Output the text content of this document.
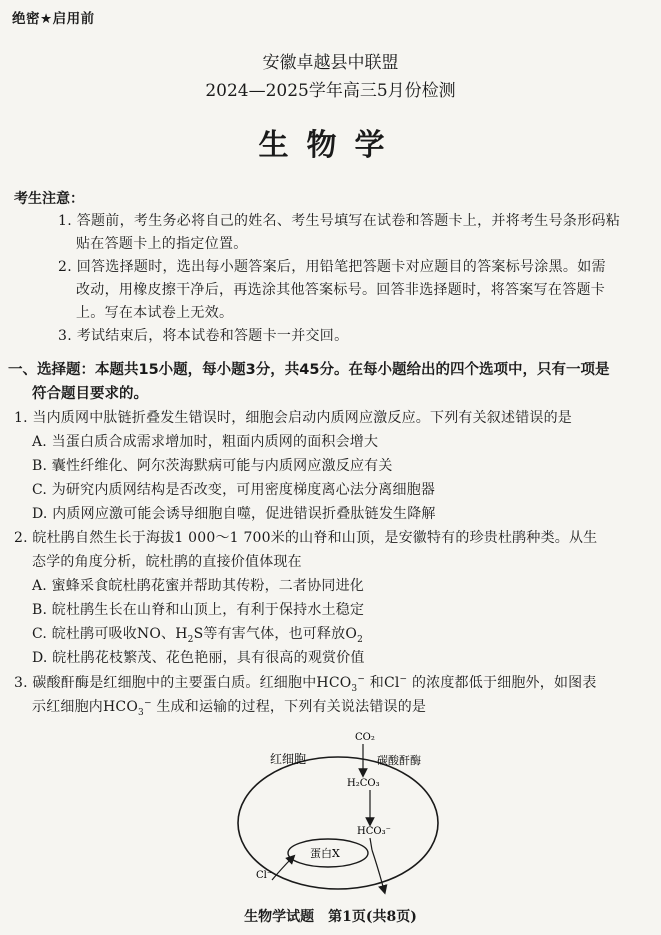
绝密★启用前
安徽卓越县中联盟
2024—2025学年高三5月份检测
生物学
考生注意：
1. 答题前，考生务必将自己的姓名、考生号填写在试卷和答题卡上，并将考生号条形码粘
贴在答题卡上的指定位置。
2. 回答选择题时，选出每小题答案后，用铅笔把答题卡对应题目的答案标号涂黑。如需
改动，用橡皮擦干净后，再选涂其他答案标号。回答非选择题时，将答案写在答题卡
上。写在本试卷上无效。
3. 考试结束后，将本试卷和答题卡一并交回。
一、选择题：本题共15小题，每小题3分，共45分。在每小题给出的四个选项中，只有一项是
符合题目要求的。
1. 当内质网中肽链折叠发生错误时，细胞会启动内质网应激反应。下列有关叙述错误的是
A. 当蛋白质合成需求增加时，粗面内质网的面积会增大
B. 囊性纤维化、阿尔茨海默病可能与内质网应激反应有关
C. 为研究内质网结构是否改变，可用密度梯度离心法分离细胞器
D. 内质网应激可能会诱导细胞自噬，促进错误折叠肽链发生降解
2. 皖杜鹃自然生长于海拔1 000～1 700米的山脊和山顶，是安徽特有的珍贵杜鹃种类。从生
态学的角度分析，皖杜鹃的直接价值体现在
A. 蜜蜂采食皖杜鹃花蜜并帮助其传粉，二者协同进化
B. 皖杜鹃生长在山脊和山顶上，有利于保持水土稳定
C. 皖杜鹃可吸收NO、$H_2S$等有害气体，也可释放$O_2$
D. 皖杜鹃花枝繁茂、花色艳丽，具有很高的观赏价值
3. 碳酸酐酶是红细胞中的主要蛋白质。红细胞中$HCO_3^-$ 和Cl− 的浓度都低于细胞外，如图表
示红细胞内$HCO_3^-$ 生成和运输的过程，下列有关说法错误的是
红细胞
CO₂
碳酸酐酶
H₂CO₃
HCO₃⁻
蛋白X
Cl⁻
生物学试题　第1页(共8页)
